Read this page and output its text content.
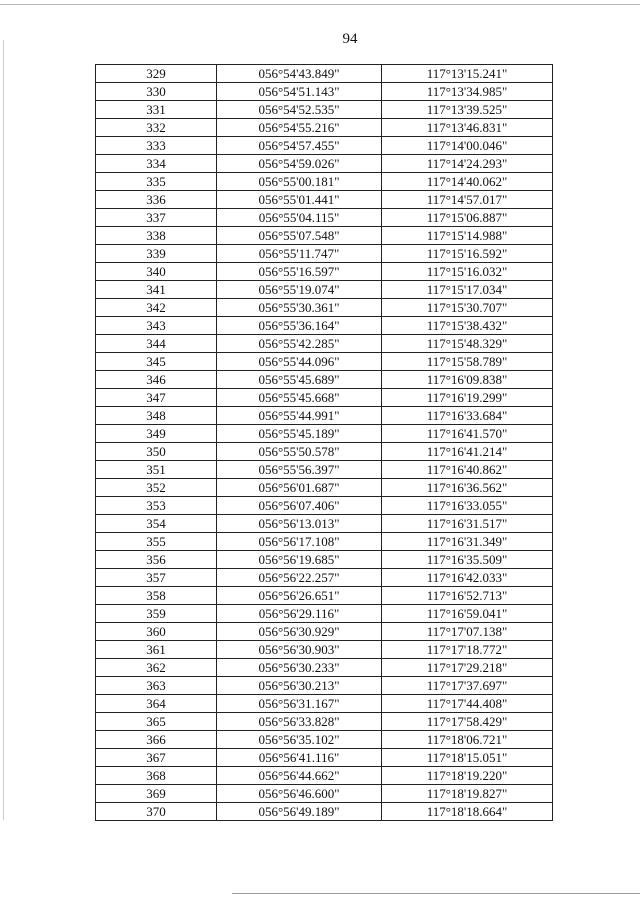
94
329	056°54'43.849"	117°13'15.241"
330	056°54'51.143"	117°13'34.985"
331	056°54'52.535"	117°13'39.525"
332	056°54'55.216"	117°13'46.831"
333	056°54'57.455"	117°14'00.046"
334	056°54'59.026"	117°14'24.293"
335	056°55'00.181"	117°14'40.062"
336	056°55'01.441"	117°14'57.017"
337	056°55'04.115"	117°15'06.887"
338	056°55'07.548"	117°15'14.988"
339	056°55'11.747"	117°15'16.592"
340	056°55'16.597"	117°15'16.032"
341	056°55'19.074"	117°15'17.034"
342	056°55'30.361"	117°15'30.707"
343	056°55'36.164"	117°15'38.432"
344	056°55'42.285"	117°15'48.329"
345	056°55'44.096"	117°15'58.789"
346	056°55'45.689"	117°16'09.838"
347	056°55'45.668"	117°16'19.299"
348	056°55'44.991"	117°16'33.684"
349	056°55'45.189"	117°16'41.570"
350	056°55'50.578"	117°16'41.214"
351	056°55'56.397"	117°16'40.862"
352	056°56'01.687"	117°16'36.562"
353	056°56'07.406"	117°16'33.055"
354	056°56'13.013"	117°16'31.517"
355	056°56'17.108"	117°16'31.349"
356	056°56'19.685"	117°16'35.509"
357	056°56'22.257"	117°16'42.033"
358	056°56'26.651"	117°16'52.713"
359	056°56'29.116"	117°16'59.041"
360	056°56'30.929"	117°17'07.138"
361	056°56'30.903"	117°17'18.772"
362	056°56'30.233"	117°17'29.218"
363	056°56'30.213"	117°17'37.697"
364	056°56'31.167"	117°17'44.408"
365	056°56'33.828"	117°17'58.429"
366	056°56'35.102"	117°18'06.721"
367	056°56'41.116"	117°18'15.051"
368	056°56'44.662"	117°18'19.220"
369	056°56'46.600"	117°18'19.827"
370	056°56'49.189"	117°18'18.664"
